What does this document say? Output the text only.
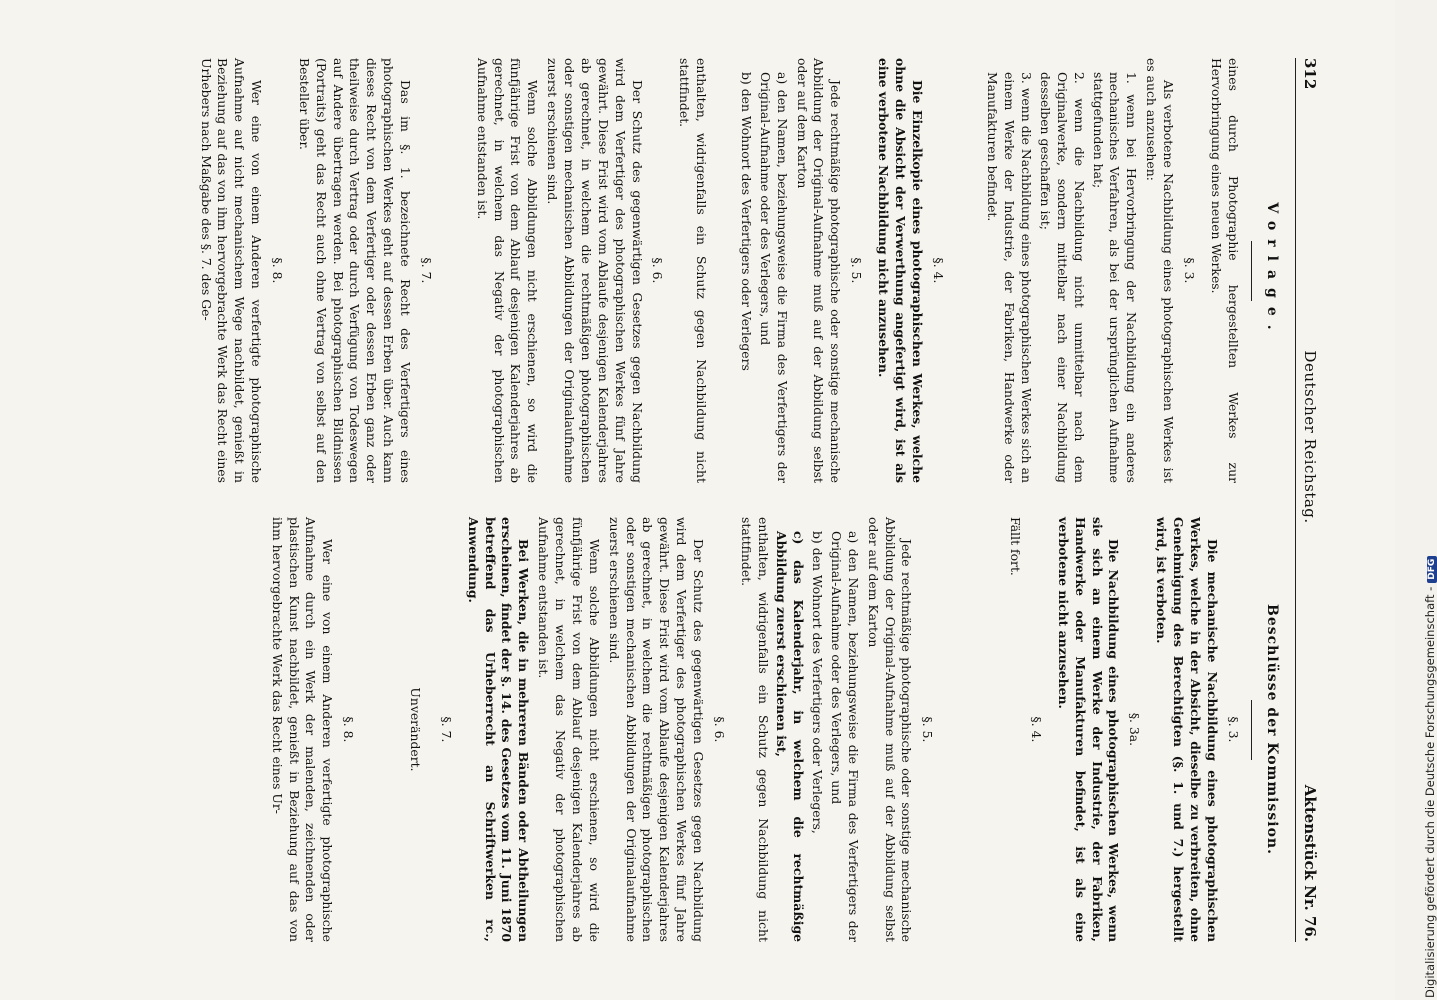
312
Deutscher Reichstag.
Aktenstück Nr. 76.
Vorlage.

eines durch Photographie hergestellten Werkes zur Hervorbringung eines neuen Werkes.

§. 3.

Als verbotene Nachbildung eines photographischen Werkes ist es auch anzusehen:

1. wenn bei Hervorbringung der Nachbildung ein anderes mechanisches Verfahren, als bei der ursprünglichen Aufnahme stattgefunden hat;
2. wenn die Nachbildung nicht unmittelbar nach dem Originalwerke, sondern mittelbar nach einer Nachbildung desselben geschaffen ist;
3. wenn die Nachbildung eines photographischen Werkes sich an einem Werke der Industrie, der Fabriken, Handwerke oder Manufakturen befindet.
§. 4.

Die Einzelkopie eines photographischen Werkes, welche ohne die Absicht der Verwerthung angefertigt wird, ist als eine verbotene Nachbildung nicht anzusehen.

§. 5.

Jede rechtmäßige photographische oder sonstige mechanische Abbildung der Original-Aufnahme muß auf der Abbildung selbst oder auf dem Karton

a) den Namen, beziehungsweise die Firma des Verfertigers der Original-Aufnahme oder des Verlegers, und
b) den Wohnort des Verfertigers oder Verlegers

enthalten, widrigenfalls ein Schutz gegen Nachbildung nicht stattfindet.

§. 6.

Der Schutz des gegenwärtigen Gesetzes gegen Nachbildung wird dem Verfertiger des photographischen Werkes fünf Jahre gewährt. Diese Frist wird vom Ablaufe desjenigen Kalenderjahres ab gerechnet, in welchem die rechtmäßigen photographischen oder sonstigen mechanischen Abbildungen der Originalaufnahme zuerst erschienen sind.

Wenn solche Abbildungen nicht erschienen, so wird die fünfjährige Frist von dem Ablauf desjenigen Kalenderjahres ab gerechnet, in welchem das Negativ der photographischen Aufnahme entstanden ist.

§. 7.

Das im §. 1. bezeichnete Recht des Verfertigers eines photographischen Werkes geht auf dessen Erben über. Auch kann dieses Recht von dem Verfertiger oder dessen Erben ganz oder theilweise durch Vertrag oder durch Verfügung von Todeswegen auf Andere übertragen werden. Bei photographischen Bildnissen (Portraits) geht das Recht auch ohne Vertrag von selbst auf den Besteller über.

§. 8.

Wer eine von einem Anderen verfertigte photographische Aufnahme auf nicht mechanischem Wege nachbildet, genießt in Beziehung auf das von ihm hervorgebrachte Werk das Recht eines Urhebers nach Maßgabe des §. 7. des Ge-

Beschlüsse der Kommission.
§. 3.

Die mechanische Nachbildung eines photographischen Werkes, welche in der Absicht, dieselbe zu verbreiten, ohne Genehmigung des Berechtigten (§. 1. und 7.) hergestellt wird, ist verboten.

§. 3a.

Die Nachbildung eines photographischen Werkes, wenn sie sich an einem Werke der Industrie, der Fabriken, Handwerke oder Manufakturen befindet, ist als eine verbotene nicht anzusehen.

§. 4.

Fällt fort.

§. 5.

Jede rechtmäßige photographische oder sonstige mechanische Abbildung der Original-Aufnahme muß auf der Abbildung selbst oder auf dem Karton

a) den Namen, beziehungsweise die Firma des Verfertigers der Original-Aufnahme oder des Verlegers, und
b) den Wohnort des Verfertigers oder Verlegers,
c) das Kalenderjahr, in welchem die rechtmäßige Abbildung zuerst erschienen ist,

enthalten, widrigenfalls ein Schutz gegen Nachbildung nicht stattfindet.

§. 6.

Der Schutz des gegenwärtigen Gesetzes gegen Nachbildung wird dem Verfertiger des photographischen Werkes fünf Jahre gewährt. Diese Frist wird vom Ablaufe desjenigen Kalenderjahres ab gerechnet, in welchem die rechtmäßigen photographischen oder sonstigen mechanischen Abbildungen der Originalaufnahme zuerst erschienen sind.

Wenn solche Abbildungen nicht erschienen, so wird die fünfjährige Frist von dem Ablauf desjenigen Kalenderjahres ab gerechnet, in welchem das Negativ der photographischen Aufnahme entstanden ist.

Bei Werken, die in mehreren Bänden oder Abtheilungen erscheinen, findet der §. 14. des Gesetzes vom 11. Juni 1870 betreffend das Urheberrecht an Schriftwerken rc., Anwendung.

§. 7.
Unverändert.
§. 8.

Wer eine von einem Anderen verfertigte photographische Aufnahme durch ein Werk der malenden, zeichnenden oder plastischen Kunst nachbildet, genießt in Beziehung auf das von ihm hervorgebrachte Werk das Recht eines Ur-	Digitalisierung gefördert durch die Deutsche Forschungsgemeinschaft -DFG
